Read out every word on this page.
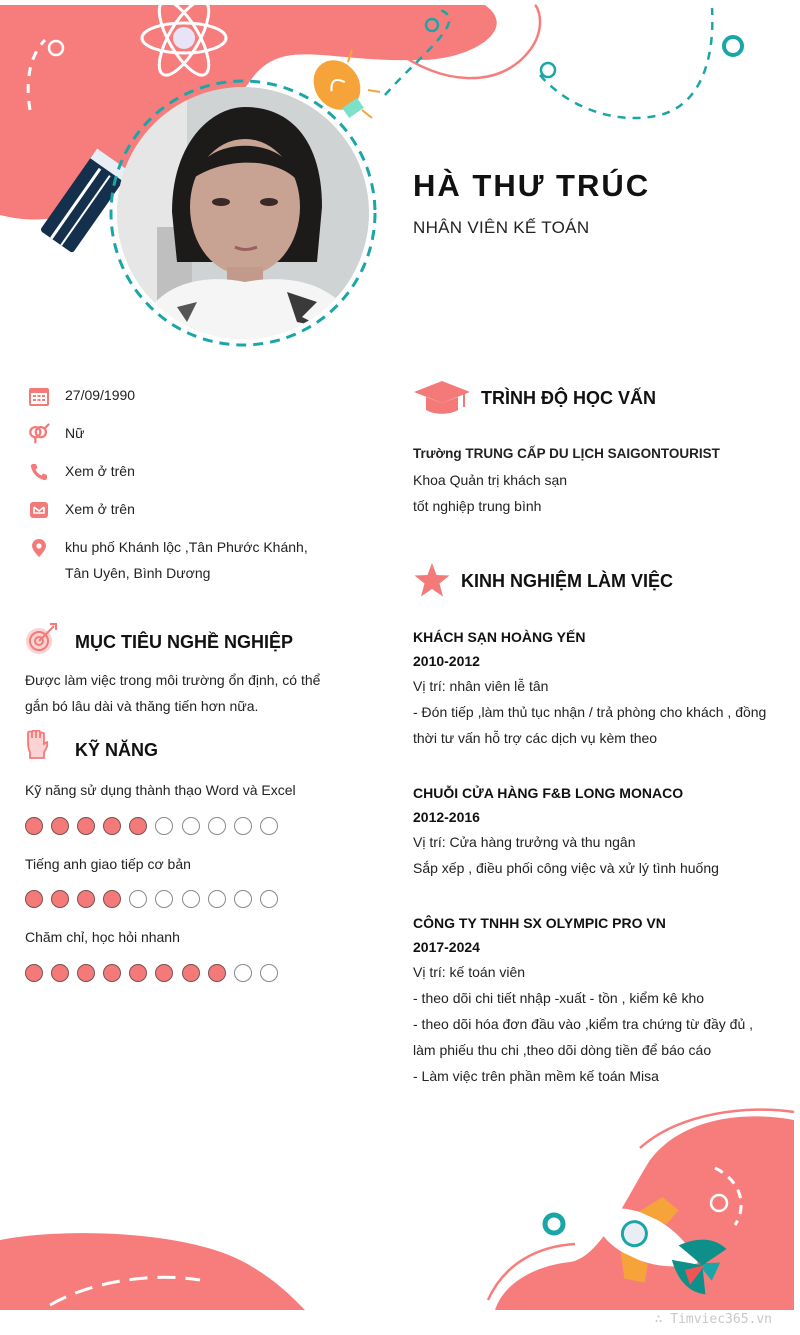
HÀ THƯ TRÚC
NHÂN VIÊN KẾ TOÁN
27/09/1990
Nữ
Xem ở trên
Xem ở trên
khu phố Khánh lộc ,Tân Phước Khánh, Tân Uyên, Bình Dương
MỤC TIÊU NGHỀ NGHIỆP
Được làm việc trong môi trường ổn định, có thể gắn bó lâu dài và thăng tiến hơn nữa.
KỸ NĂNG
Kỹ năng sử dụng thành thạo Word và Excel
Tiếng anh giao tiếp cơ bản
Chăm chỉ, học hỏi nhanh
TRÌNH ĐỘ HỌC VẤN
Trường TRUNG CẤP DU LỊCH SAIGONTOURIST
Khoa Quản trị khách sạn
tốt nghiệp trung bình
KINH NGHIỆM LÀM VIỆC
KHÁCH SẠN HOÀNG YẾN
2010-2012
Vị trí: nhân viên lễ tân
- Đón tiếp ,làm thủ tục nhận / trả phòng cho khách , đồng thời tư vấn hỗ trợ các dịch vụ kèm theo
CHUỖI CỬA HÀNG F&B LONG MONACO
2012-2016
Vị trí: Cửa hàng trưởng và thu ngân
Sắp xếp , điều phối công việc và xử lý tình huống
CÔNG TY TNHH SX OLYMPIC PRO VN
2017-2024
Vị trí: kế toán viên
- theo dõi chi tiết nhập -xuất - tồn , kiểm kê kho
- theo dõi hóa đơn đầu vào ,kiểm tra chứng từ đầy đủ , làm phiếu thu chi ,theo dõi dòng tiền để báo cáo
- Làm việc trên phần mềm kế toán Misa
∴ Timviec365.vn
